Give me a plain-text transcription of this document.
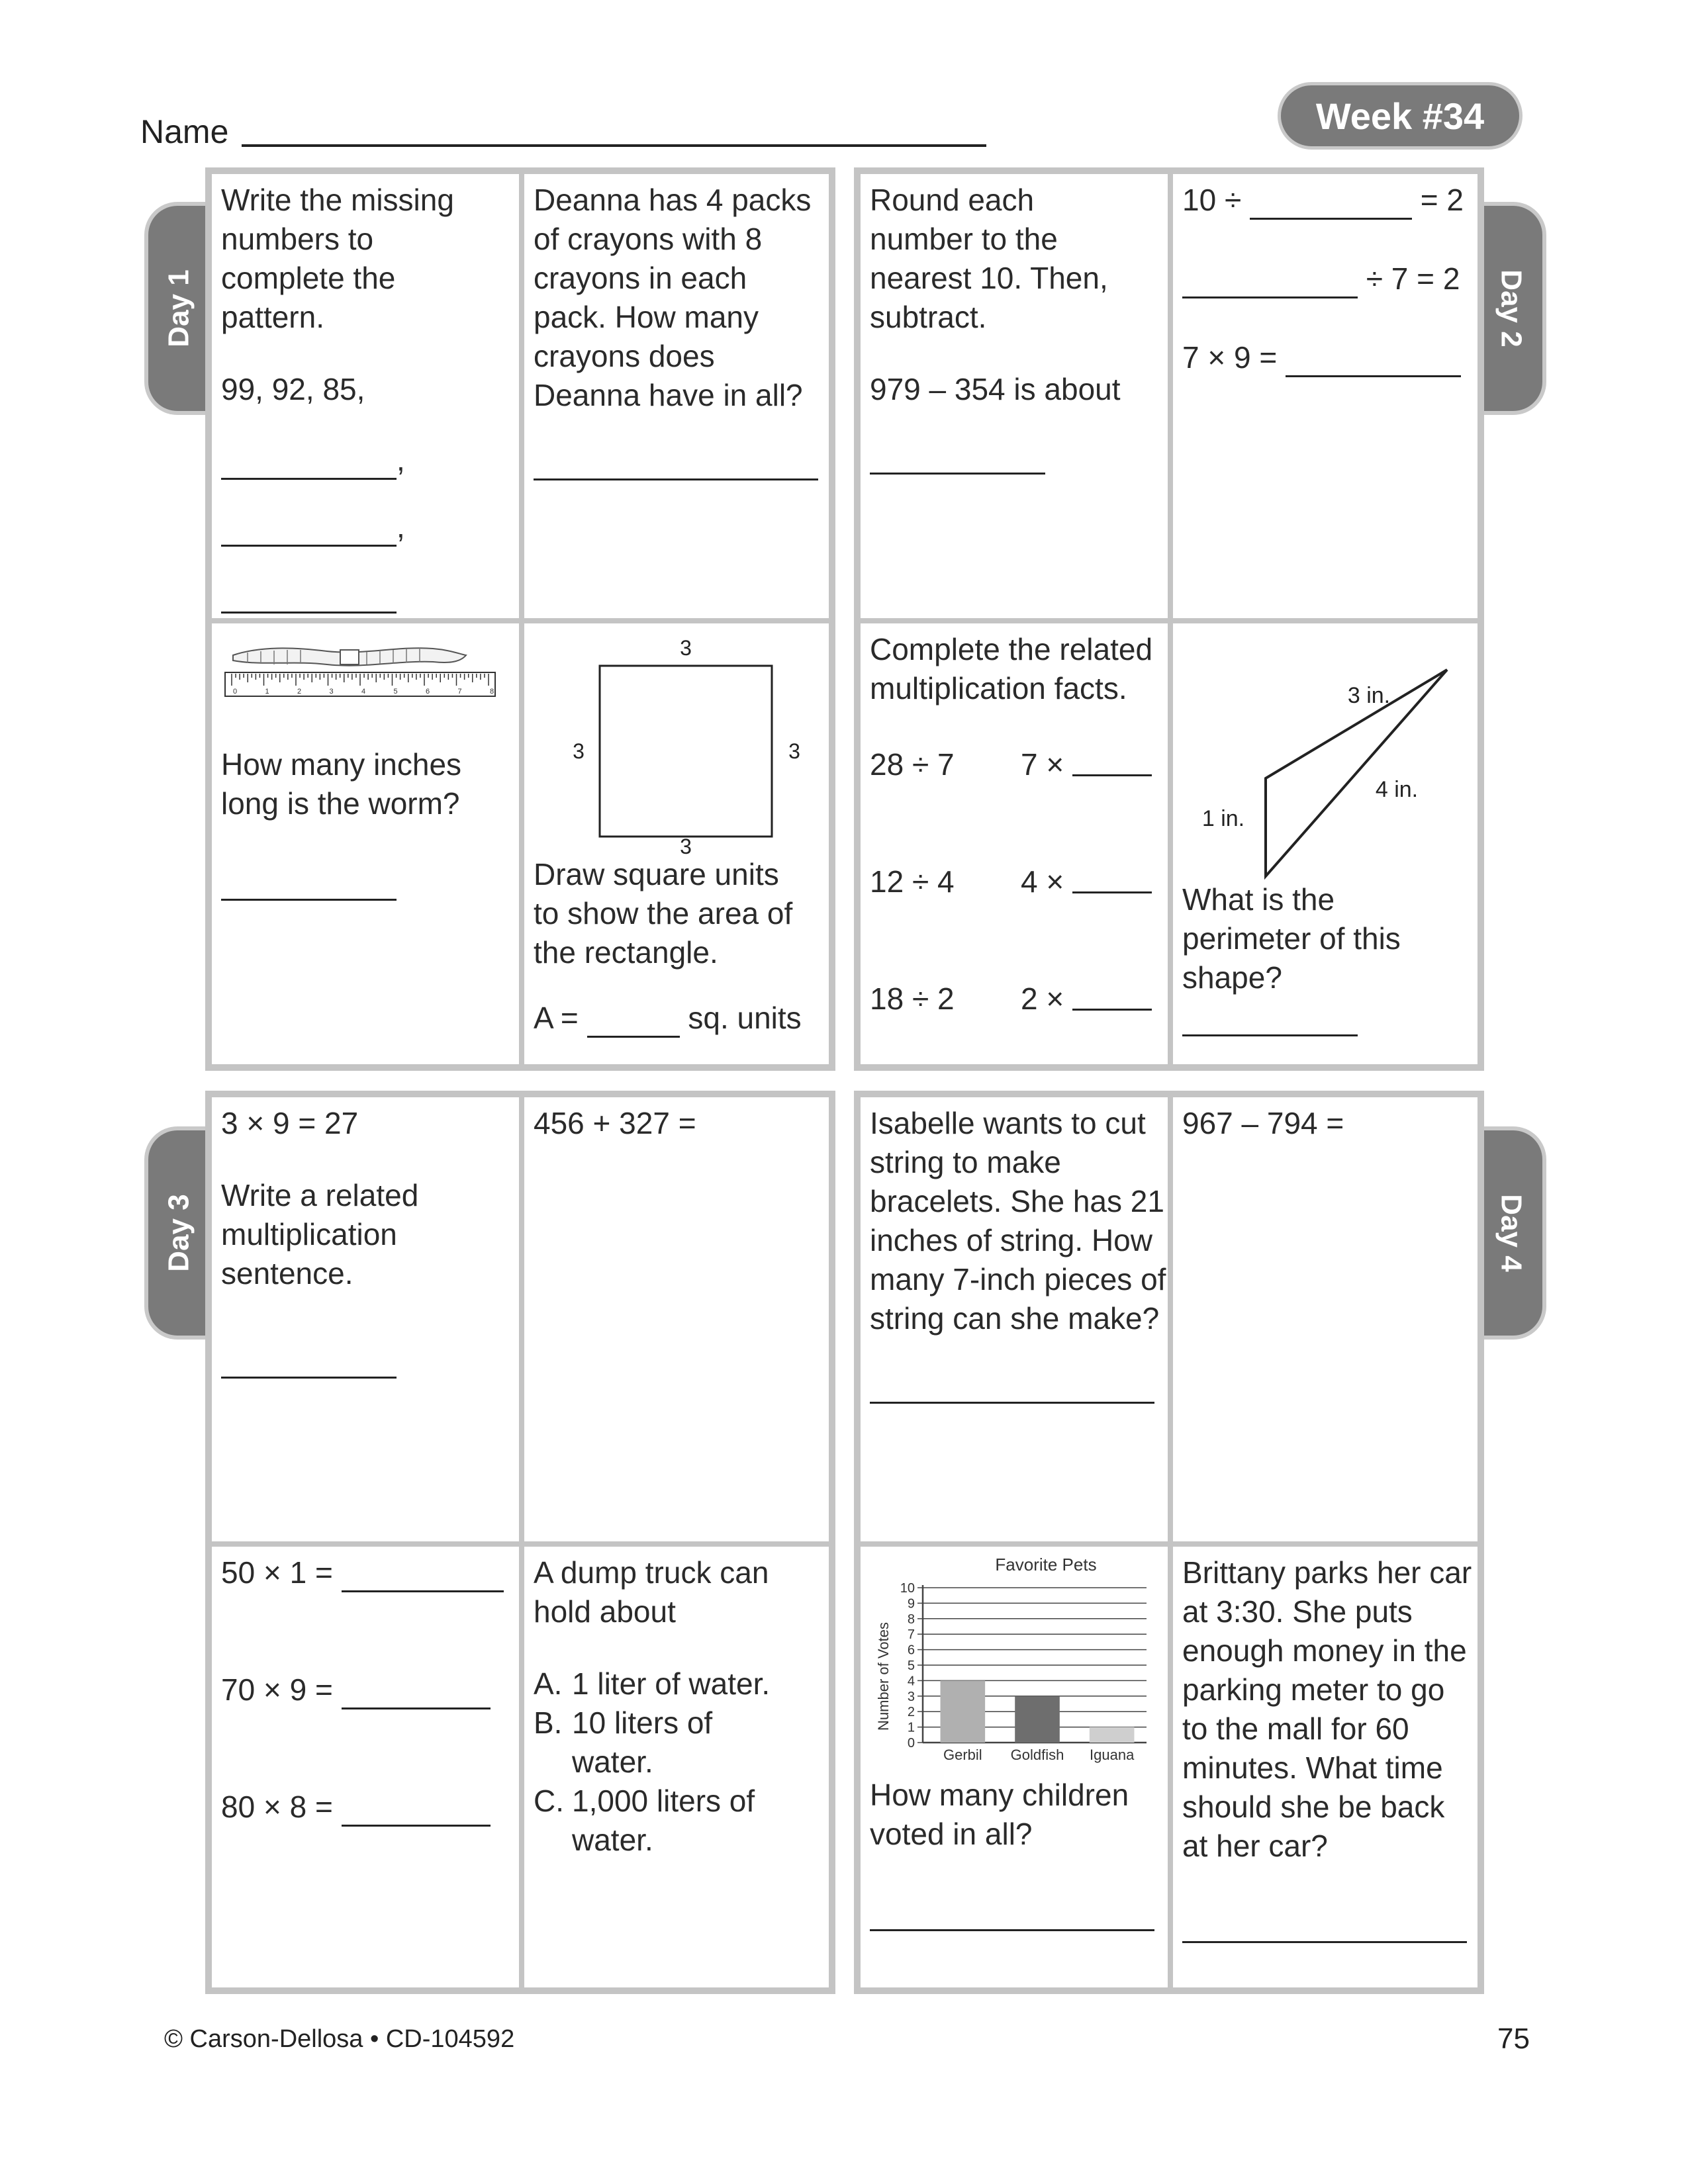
Name	Week #34
Day 1	Day 2
Day 3	Day 4

Write the missing numbers to complete the pattern.

99, 92, 85,

,

,

Deanna has 4 packs of crayons with 8 crayons in each pack. How many crayons does Deanna have in all?

0	1	2	3	4	5	6	7	8

How many inches long is the worm?

3
3	3
3

Draw square units to show the area of the rectangle.

A =	sq. units

Round each number to the nearest 10. Then, subtract.

979 – 354 is about

10 ÷	= 2

÷ 7 = 2

7 × 9 =

Complete the related multiplication facts.

28 ÷ 7	7 ×

12 ÷ 4	4 ×

18 ÷ 2	2 ×

3 in.
4 in.
1 in.

What is the perimeter of this shape?

3 × 9 = 27

Write a related multiplication sentence.

456 + 327 =

50 × 1 =

70 × 9 =

80 × 8 =

A dump truck can hold about

A. 1 liter of water.
B. 10 liters of water.
C. 1,000 liters of water.

Isabelle wants to cut string to make bracelets. She has 21 inches of string. How many 7-inch pieces of string can she make?

967 – 794 =

Favorite Pets
Number of Votes
0
1
2
3
4
5
6
7
8
9
10
Gerbil Goldfish Iguana

How many children voted in all?

Brittany parks her car at 3:30. She puts enough money in the parking meter to go to the mall for 60 minutes. What time should she be back at her car?

© Carson-Dellosa • CD-104592	75
